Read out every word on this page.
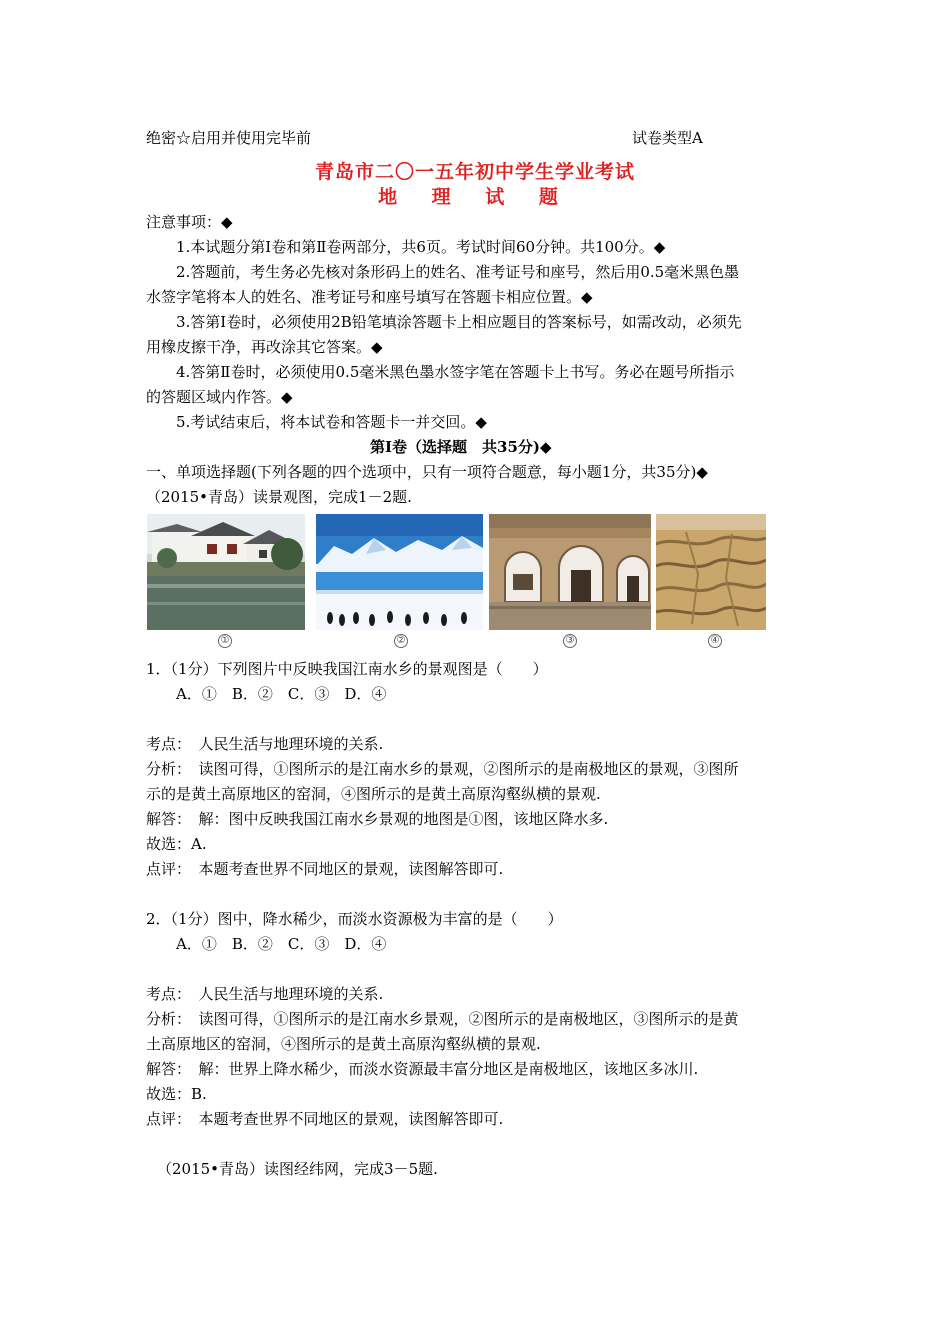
绝密☆启用并使用完毕前	试卷类型A
青岛市二〇一五年初中学生学业考试
地 理 试 题
注意事项：◆
1.本试题分第Ⅰ卷和第Ⅱ卷两部分，共6页。考试时间60分钟。共100分。◆
2.答题前，考生务必先核对条形码上的姓名、准考证号和座号，然后用0.5毫米黑色墨
水签字笔将本人的姓名、准考证号和座号填写在答题卡相应位置。◆
3.答第Ⅰ卷时，必须使用2B铅笔填涂答题卡上相应题目的答案标号，如需改动，必须先
用橡皮擦干净，再改涂其它答案。◆
4.答第Ⅱ卷时，必须使用0.5毫米黑色墨水签字笔在答题卡上书写。务必在题号所指示
的答题区域内作答。◆
5.考试结束后，将本试卷和答题卡一并交回。◆
第Ⅰ卷（选择题　共35分)◆
一、单项选择题(下列各题的四个选项中，只有一项符合题意，每小题1分，共35分)◆
（2015•青岛）读景观图，完成1－2题.
①	②	③	④
1．（1分）下列图片中反映我国江南水乡的景观图是（　　）
A．①　B．②　C．③　D．④
考点：　人民生活与地理环境的关系.
分析：　读图可得，①图所示的是江南水乡的景观，②图所示的是南极地区的景观，③图所
示的是黄土高原地区的窑洞，④图所示的是黄土高原沟壑纵横的景观.
解答：　解：图中反映我国江南水乡景观的地图是①图，该地区降水多.
故选：A.
点评：　本题考查世界不同地区的景观，读图解答即可.
2．（1分）图中，降水稀少，而淡水资源极为丰富的是（　　）
A．①　B．②　C．③　D．④
考点：　人民生活与地理环境的关系.
分析：　读图可得，①图所示的是江南水乡景观，②图所示的是南极地区，③图所示的是黄
土高原地区的窑洞，④图所示的是黄土高原沟壑纵横的景观.
解答：　解：世界上降水稀少，而淡水资源最丰富分地区是南极地区，该地区多冰川.
故选：B.
点评：　本题考查世界不同地区的景观，读图解答即可.
（2015•青岛）读图经纬网，完成3－5题.
